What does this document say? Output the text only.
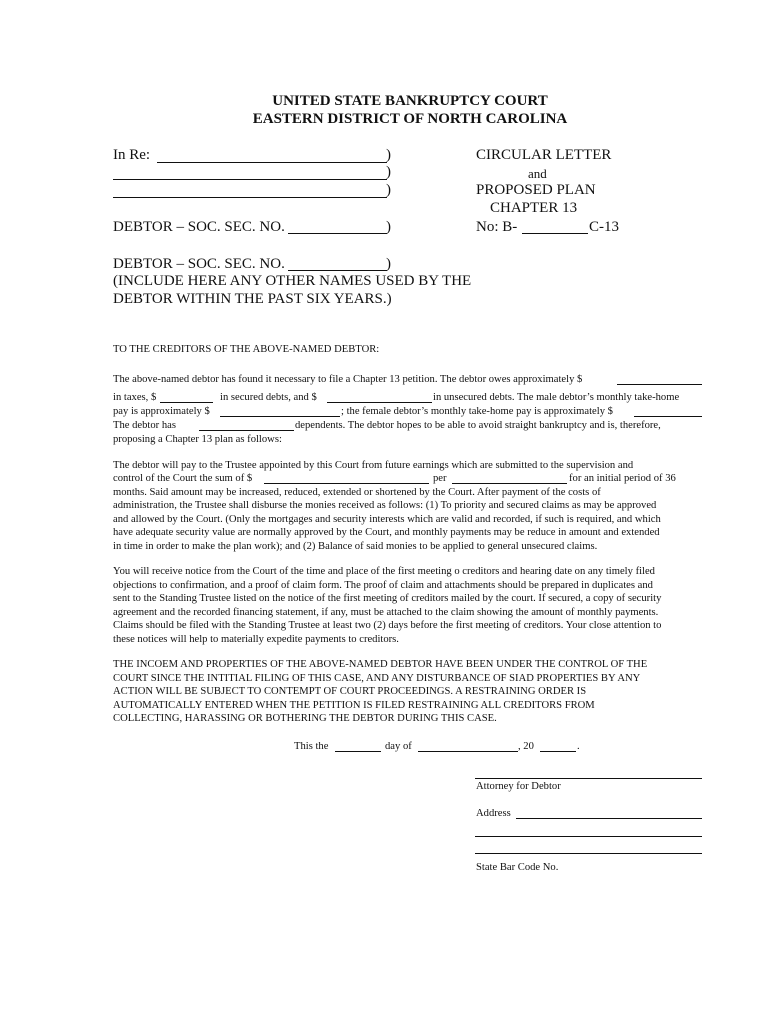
UNITED STATE BANKRUPTCY COURT
EASTERN DISTRICT OF NORTH CAROLINA
In Re:	)
)
)
DEBTOR – SOC. SEC. NO.	)
DEBTOR – SOC. SEC. NO.	)
(INCLUDE HERE ANY OTHER NAMES USED BY THE
DEBTOR WITHIN THE PAST SIX YEARS.)
CIRCULAR LETTER
and
PROPOSED PLAN
CHAPTER 13
No: B-	C-13
TO THE CREDITORS OF THE ABOVE-NAMED DEBTOR:
The above-named debtor has found it necessary to file a Chapter 13 petition. The debtor owes approximately $
in taxes, $	in secured debts, and $	in unsecured debts. The male debtor’s monthly take-home
pay is approximately $	; the female debtor’s monthly take-home pay is approximately $
The debtor has	dependents. The debtor hopes to be able to avoid straight bankruptcy and is, therefore,
proposing a Chapter 13 plan as follows:
The debtor will pay to the Trustee appointed by this Court from future earnings which are submitted to the supervision and
control of the Court the sum of $	per	for an initial period of 36
months. Said amount may be increased, reduced, extended or shortened by the Court. After payment of the costs of
administration, the Trustee shall disburse the monies received as follows: (1) To priority and secured claims as may be approved
and allowed by the Court. (Only the mortgages and security interests which are valid and recorded, if such is required, and which
have adequate security value are normally approved by the Court, and monthly payments may be reduce in amount and extended
in time in order to make the plan work); and (2) Balance of said monies to be applied to general unsecured claims.
You will receive notice from the Court of the time and place of the first meeting o creditors and hearing date on any timely filed
objections to confirmation, and a proof of claim form. The proof of claim and attachments should be prepared in duplicates and
sent to the Standing Trustee listed on the notice of the first meeting of creditors mailed by the court. If secured, a copy of security
agreement and the recorded financing statement, if any, must be attached to the claim showing the amount of monthly payments.
Claims should be filed with the Standing Trustee at least two (2) days before the first meeting of creditors. Your close attention to
these notices will help to materially expedite payments to creditors.
THE INCOEM AND PROPERTIES OF THE ABOVE-NAMED DEBTOR HAVE BEEN UNDER THE CONTROL OF THE
COURT SINCE THE INTITIAL FILING OF THIS CASE, AND ANY DISTURBANCE OF SIAD PROPERTIES BY ANY
ACTION WILL BE SUBJECT TO CONTEMPT OF COURT PROCEEDINGS. A RESTRAINING ORDER IS
AUTOMATICALLY ENTERED WHEN THE PETITION IS FILED RESTRAINING ALL CREDITORS FROM
COLLECTING, HARASSING OR BOTHERING THE DEBTOR DURING THIS CASE.
This the	day of	, 20	.
Attorney for Debtor
Address
State Bar Code No.
